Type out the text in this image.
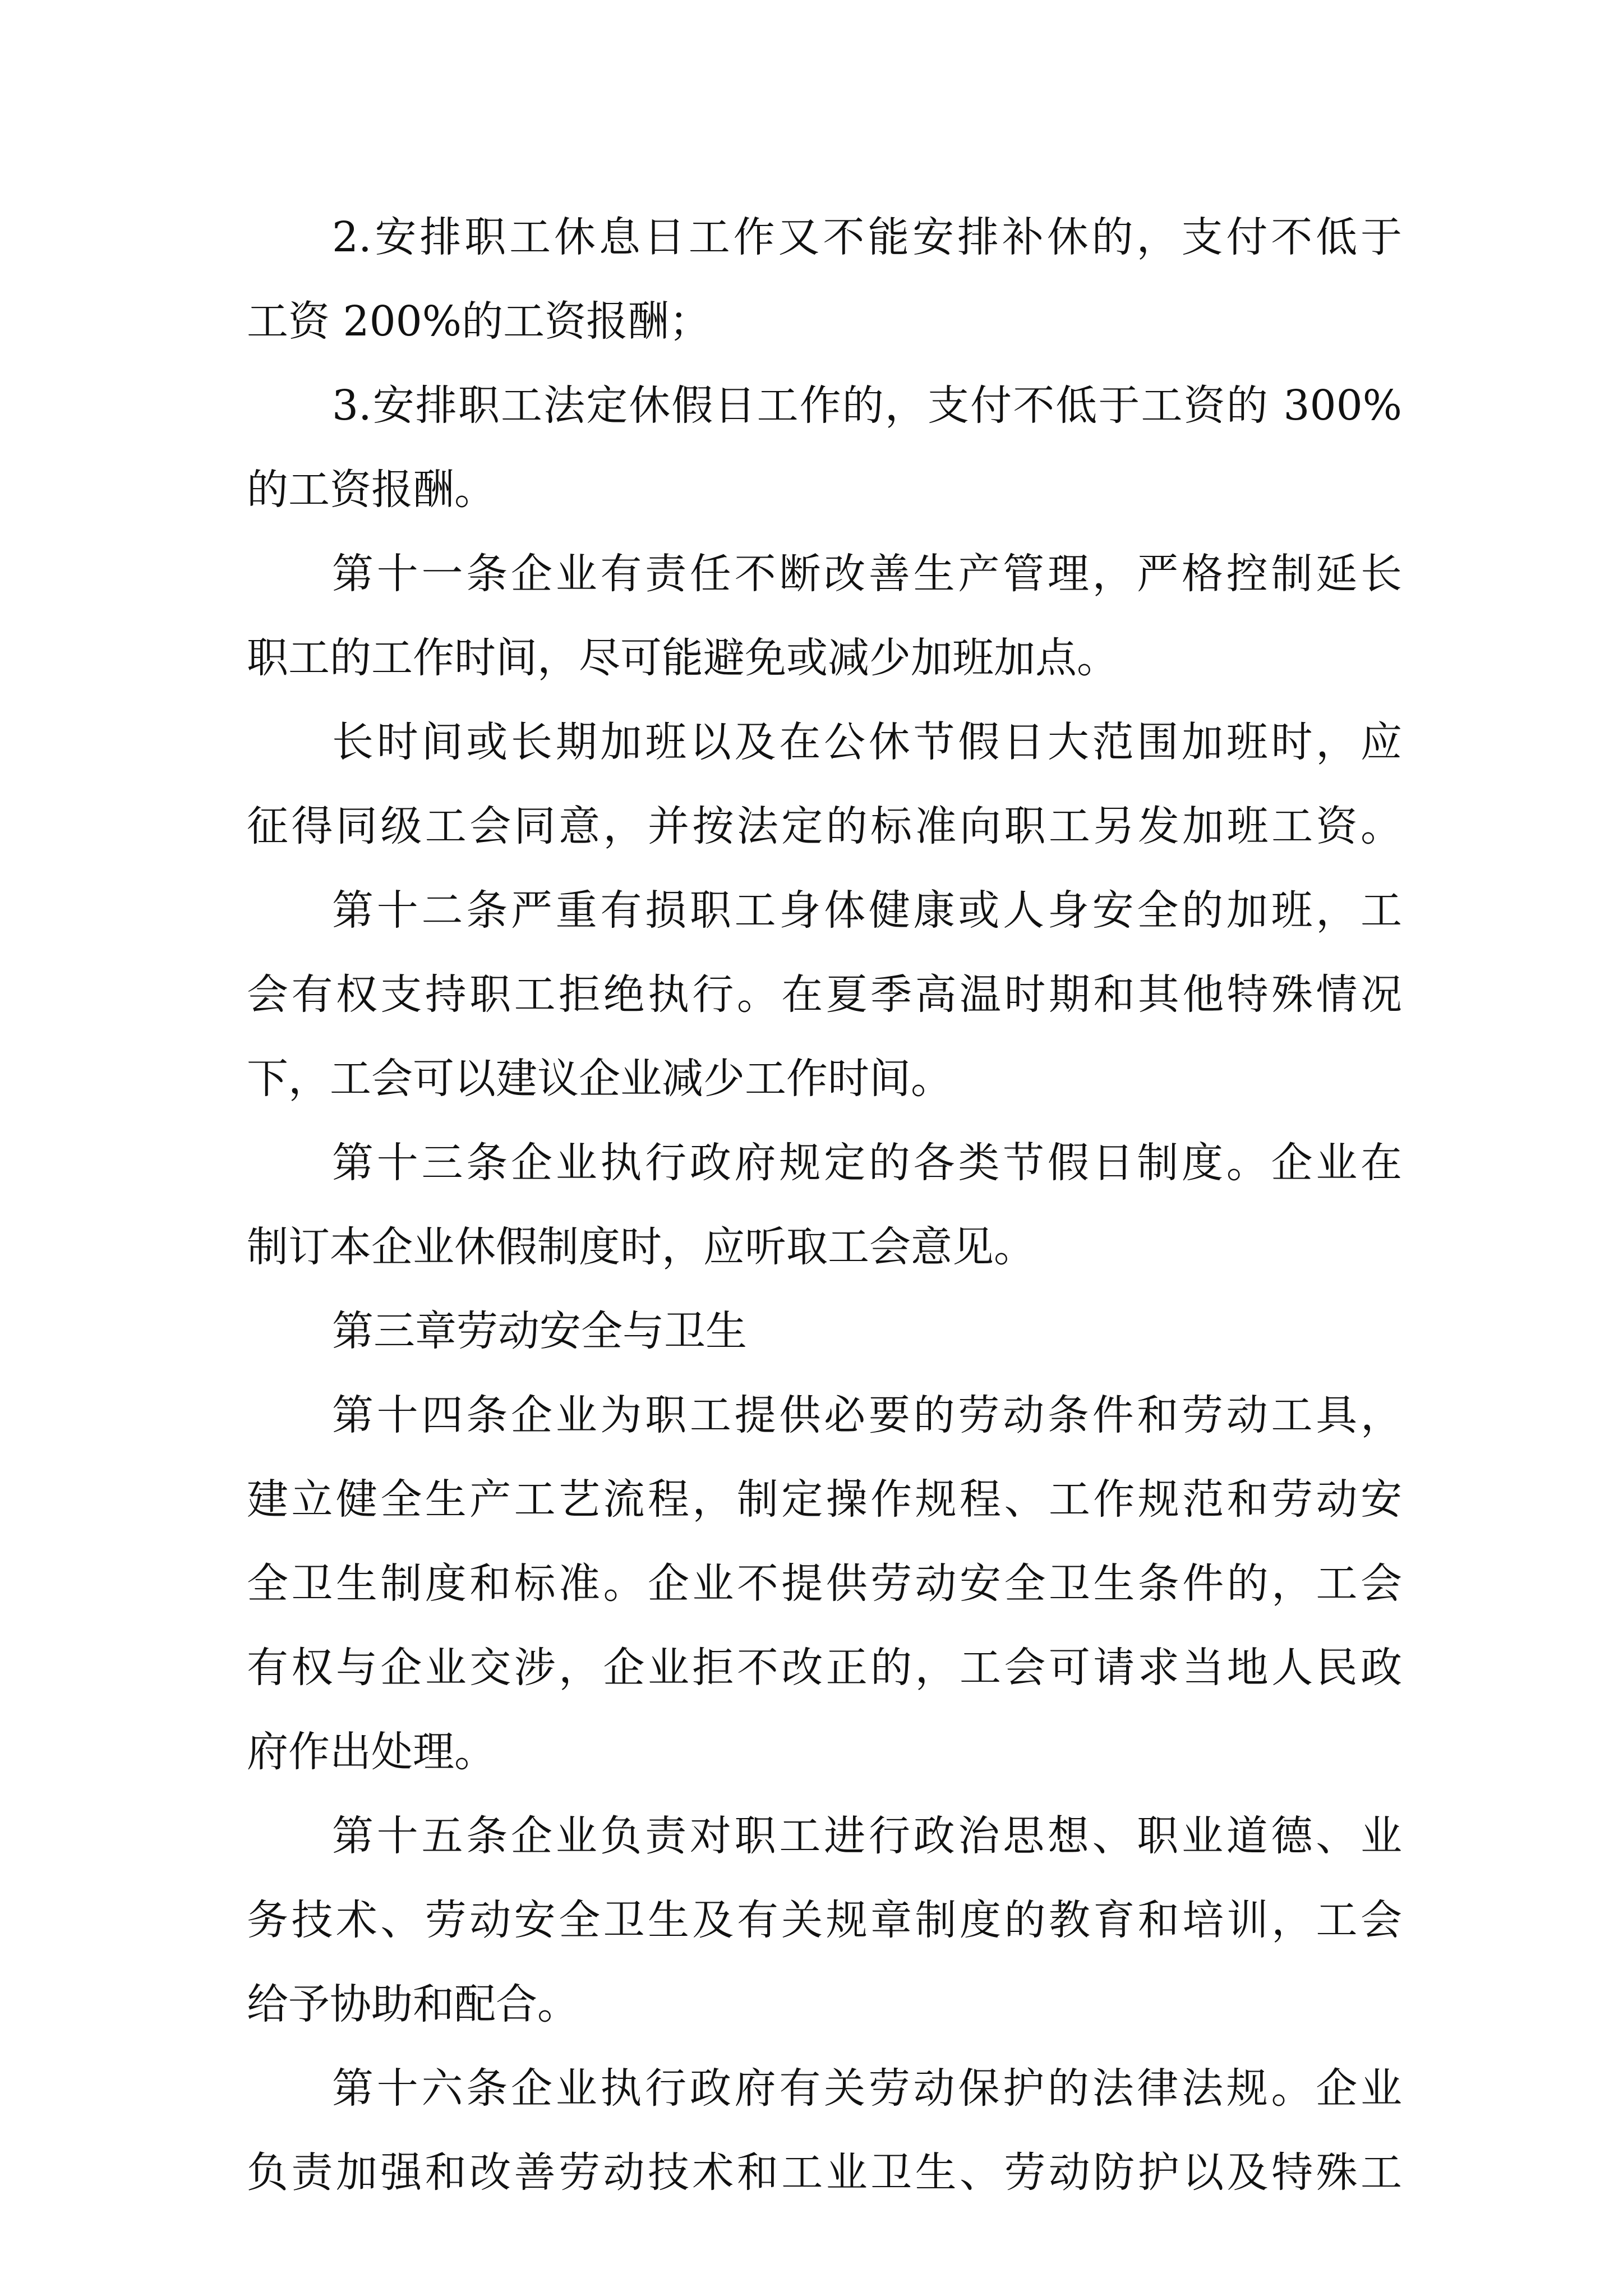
2.安排职工休息日工作又不能安排补休的，支付不低于
工资 200%的工资报酬；
3.安排职工法定休假日工作的，支付不低于工资的 300%
的工资报酬。
第十一条企业有责任不断改善生产管理，严格控制延长
职工的工作时间，尽可能避免或减少加班加点。
长时间或长期加班以及在公休节假日大范围加班时，应
征得同级工会同意，并按法定的标准向职工另发加班工资。
第十二条严重有损职工身体健康或人身安全的加班，工
会有权支持职工拒绝执行。在夏季高温时期和其他特殊情况
下，工会可以建议企业减少工作时间。
第十三条企业执行政府规定的各类节假日制度。企业在
制订本企业休假制度时，应听取工会意见。
第三章劳动安全与卫生
第十四条企业为职工提供必要的劳动条件和劳动工具，
建立健全生产工艺流程，制定操作规程、工作规范和劳动安
全卫生制度和标准。企业不提供劳动安全卫生条件的，工会
有权与企业交涉，企业拒不改正的，工会可请求当地人民政
府作出处理。
第十五条企业负责对职工进行政治思想、职业道德、业
务技术、劳动安全卫生及有关规章制度的教育和培训，工会
给予协助和配合。
第十六条企业执行政府有关劳动保护的法律法规。企业
负责加强和改善劳动技术和工业卫生、劳动防护以及特殊工
